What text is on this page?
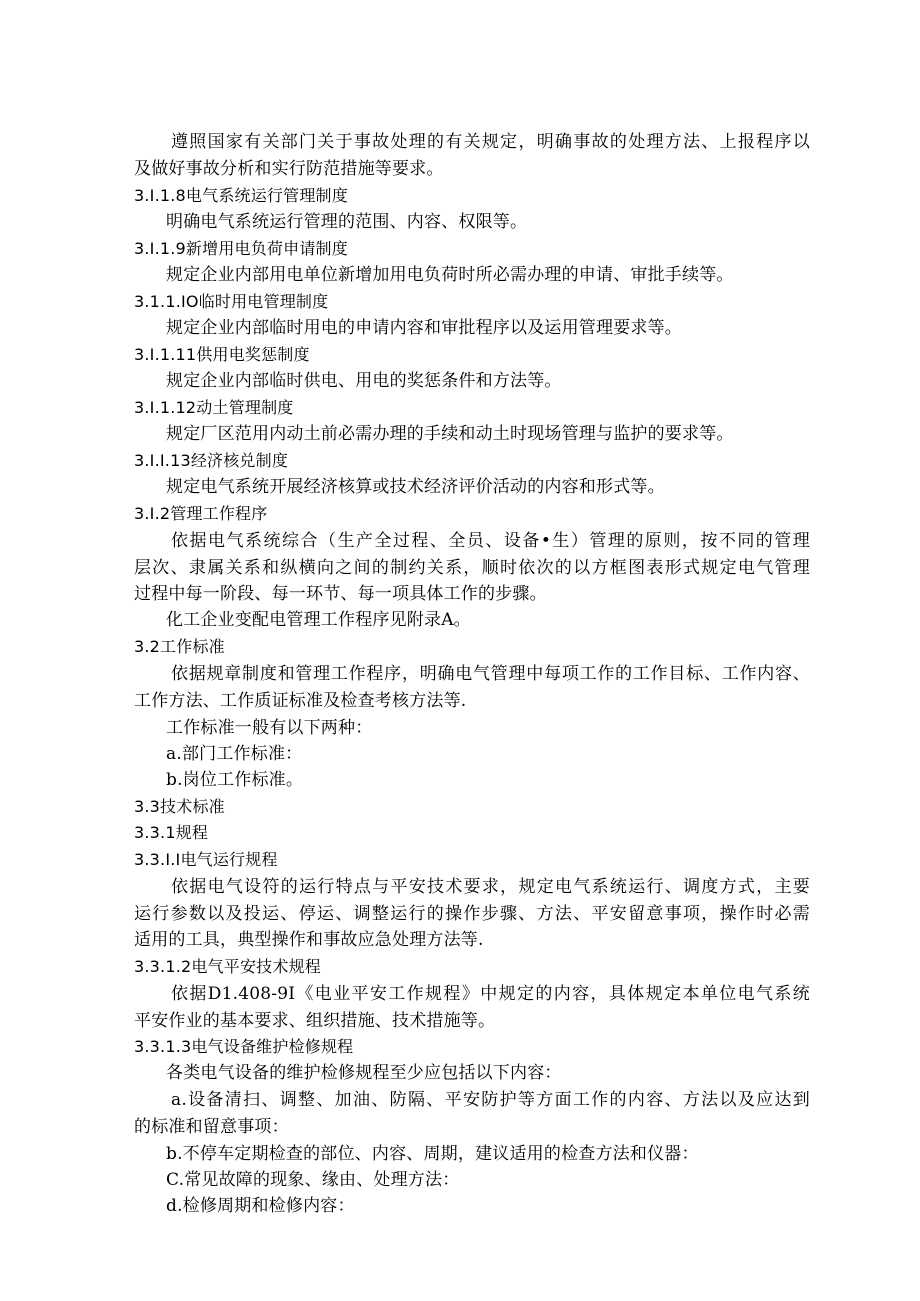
遵照国家有关部门关于事故处理的有关规定，明确事故的处理方法、上报程序以
及做好事故分析和实行防范措施等要求。
3.I.1.8电气系统运行管理制度
明确电气系统运行管理的范围、内容、权限等。
3.I.1.9新增用电负荷申请制度
规定企业内部用电单位新增加用电负荷时所必需办理的申请、审批手续等。
3.1.1.IO临时用电管理制度
规定企业内部临时用电的申请内容和审批程序以及运用管理要求等。
3.I.1.11供用电奖惩制度
规定企业内部临时供电、用电的奖惩条件和方法等。
3.I.1.12动土管理制度
规定厂区范用内动土前必需办理的手续和动土时现场管理与监护的要求等。
3.I.I.13经济核兑制度
规定电气系统开展经济核算或技术经济评价活动的内容和形式等。
3.I.2管理工作程序
依据电气系统综合（生产全过程、全员、设备•生）管理的原则，按不同的管理
层次、隶属关系和纵横向之间的制约关系，顺时依次的以方框图表形式规定电气管理
过程中每一阶段、每一环节、每一项具体工作的步骤。
化工企业变配电管理工作程序见附录A。
3.2工作标准
依据规章制度和管理工作程序，明确电气管理中每项工作的工作目标、工作内容、
工作方法、工作质证标准及检查考核方法等.
工作标准一般有以下两种：
a.部门工作标准：
b.岗位工作标准。
3.3技术标准
3.3.1规程
3.3.I.I电气运行规程
依据电气设符的运行特点与平安技术要求，规定电气系统运行、调度方式，主要
运行参数以及投运、停运、调整运行的操作步骤、方法、平安留意事项，操作时必需
适用的工具，典型操作和事故应急处理方法等.
3.3.1.2电气平安技术规程
依据D1.408-9I《电业平安工作规程》中规定的内容，具体规定本单位电气系统
平安作业的基本要求、组织措施、技术措施等。
3.3.1.3电气设备维护检修规程
各类电气设备的维护检修规程至少应包括以下内容：
a.设备清扫、调整、加油、防隔、平安防护等方面工作的内容、方法以及应达到
的标准和留意事项：
b.不停车定期检查的部位、内容、周期，建议适用的检查方法和仪器：
C.常见故障的现象、缘由、处理方法：
d.检修周期和检修内容：
